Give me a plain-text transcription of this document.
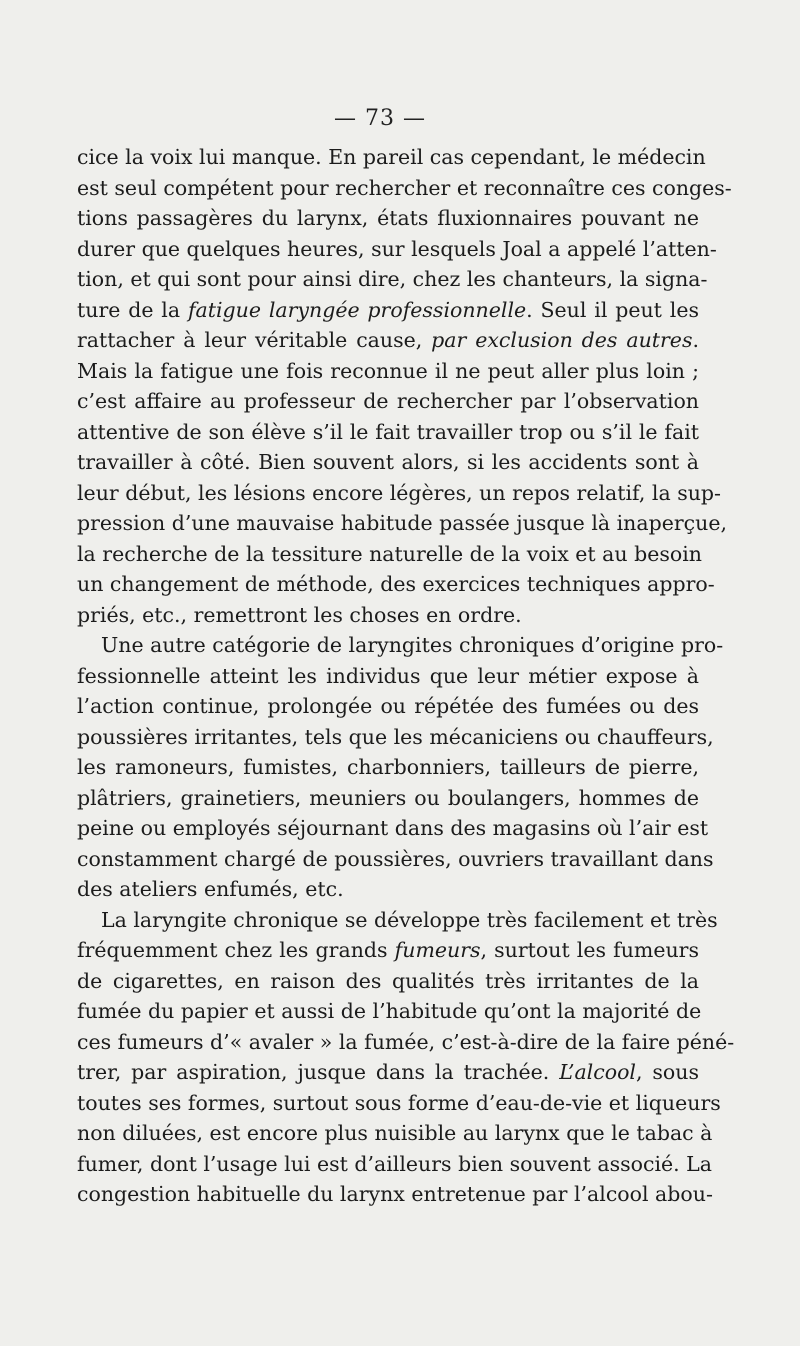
— 73 —
cice la voix lui manque. En pareil cas cependant, le médecin
est seul compétent pour rechercher et reconnaître ces conges-
tions passagères du larynx, états fluxionnaires pouvant ne
durer que quelques heures, sur lesquels Joal a appelé l’atten-
tion, et qui sont pour ainsi dire, chez les chanteurs, la signa-
ture de la fatigue laryngée professionnelle. Seul il peut les
rattacher à leur véritable cause, par exclusion des autres.
Mais la fatigue une fois reconnue il ne peut aller plus loin ;
c’est affaire au professeur de rechercher par l’observation
attentive de son élève s’il le fait travailler trop ou s’il le fait
travailler à côté. Bien souvent alors, si les accidents sont à
leur début, les lésions encore légères, un repos relatif, la sup-
pression d’une mauvaise habitude passée jusque là inaperçue,
la recherche de la tessiture naturelle de la voix et au besoin
un changement de méthode, des exercices techniques appro-
priés, etc., remettront les choses en ordre.
Une autre catégorie de laryngites chroniques d’origine pro-
fessionnelle atteint les individus que leur métier expose à
l’action continue, prolongée ou répétée des fumées ou des
poussières irritantes, tels que les mécaniciens ou chauffeurs,
les ramoneurs, fumistes, charbonniers, tailleurs de pierre,
plâtriers, grainetiers, meuniers ou boulangers, hommes de
peine ou employés séjournant dans des magasins où l’air est
constamment chargé de poussières, ouvriers travaillant dans
des ateliers enfumés, etc.
La laryngite chronique se développe très facilement et très
fréquemment chez les grands fumeurs, surtout les fumeurs
de cigarettes, en raison des qualités très irritantes de la
fumée du papier et aussi de l’habitude qu’ont la majorité de
ces fumeurs d’« avaler » la fumée, c’est-à-dire de la faire péné-
trer, par aspiration, jusque dans la trachée. L’alcool, sous
toutes ses formes, surtout sous forme d’eau-de-vie et liqueurs
non diluées, est encore plus nuisible au larynx que le tabac à
fumer, dont l’usage lui est d’ailleurs bien souvent associé. La
congestion habituelle du larynx entretenue par l’alcool abou-
